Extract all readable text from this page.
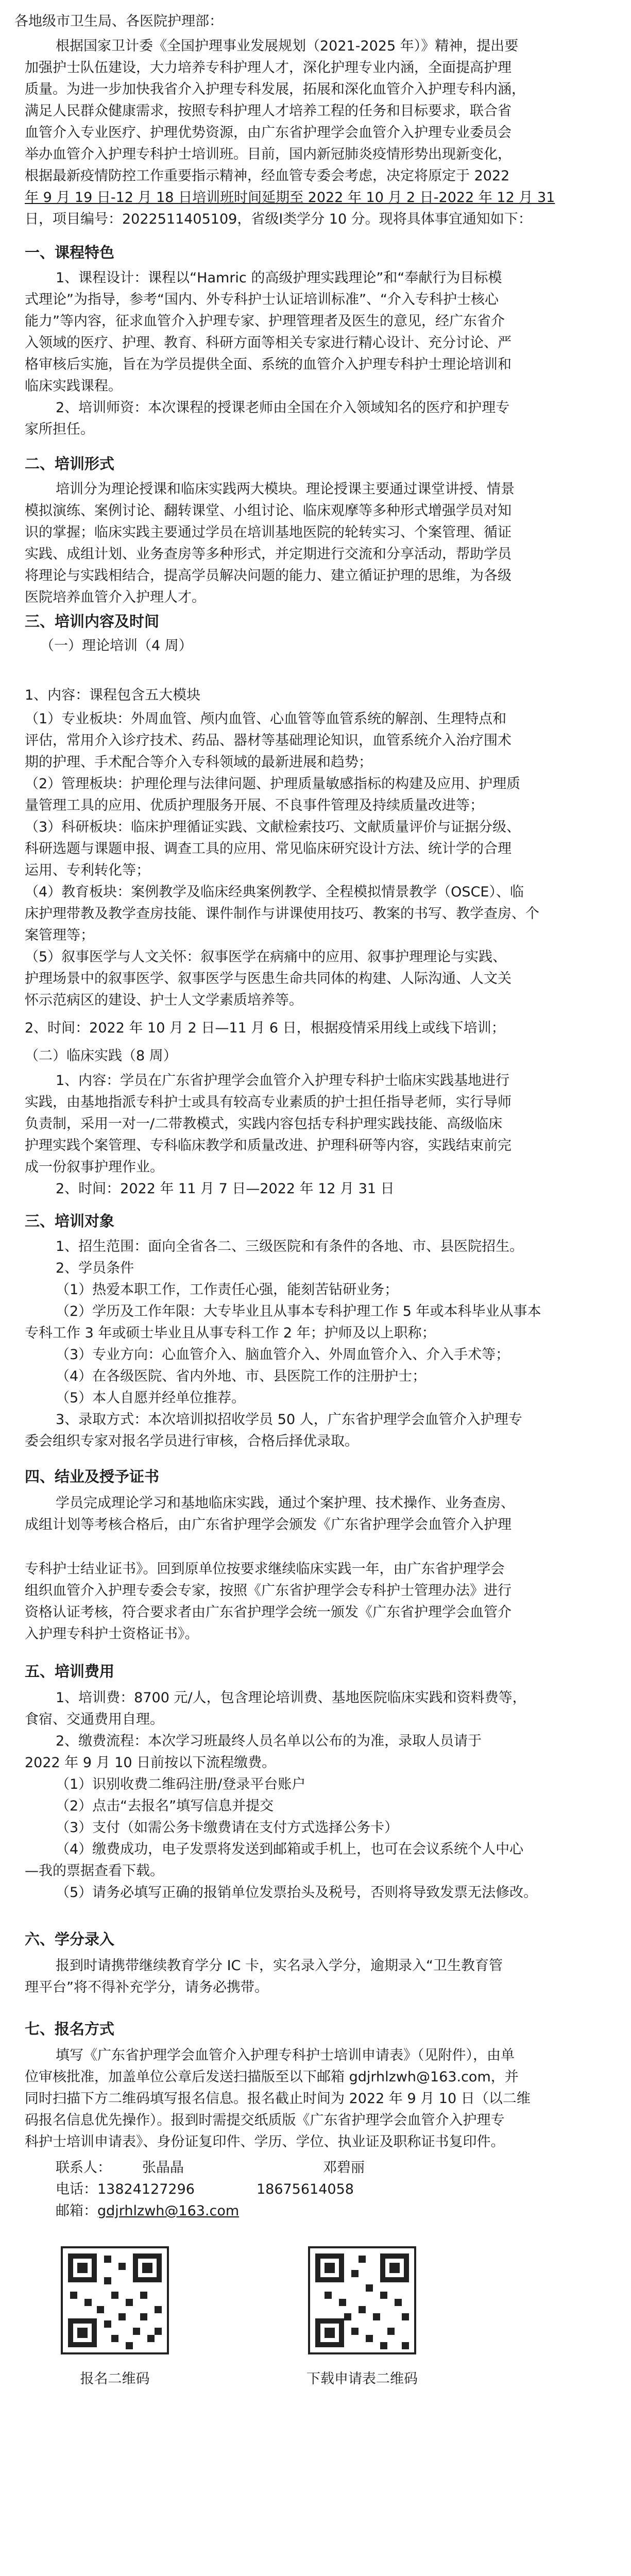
各地级市卫生局、各医院护理部：
根据国家卫计委《全国护理事业发展规划（2021-2025 年）》精神，提出要
加强护士队伍建设，大力培养专科护理人才，深化护理专业内涵，全面提高护理
质量。为进一步加快我省介入护理专科发展，拓展和深化血管介入护理专科内涵，
满足人民群众健康需求，按照专科护理人才培养工程的任务和目标要求，联合省
血管介入专业医疗、护理优势资源，由广东省护理学会血管介入护理专业委员会
举办血管介入护理专科护士培训班。目前，国内新冠肺炎疫情形势出现新变化，
根据最新疫情防控工作重要指示精神，经血管专委会考虑，决定将原定于 2022
年 9 月 19 日-12 月 18 日培训班时间延期至 2022 年 10 月 2 日-2022 年 12 月 31
日，项目编号：2022511405109，省级Ⅰ类学分 10 分。现将具体事宜通知如下：
一、课程特色
1、课程设计：课程以“Hamric 的高级护理实践理论”和“奉献行为目标模
式理论”为指导，参考“国内、外专科护士认证培训标准”、“介入专科护士核心
能力”等内容，征求血管介入护理专家、护理管理者及医生的意见，经广东省介
入领域的医疗、护理、教育、科研方面等相关专家进行精心设计、充分讨论、严
格审核后实施，旨在为学员提供全面、系统的血管介入护理专科护士理论培训和
临床实践课程。
2、培训师资：本次课程的授课老师由全国在介入领域知名的医疗和护理专
家所担任。
二、培训形式
培训分为理论授课和临床实践两大模块。理论授课主要通过课堂讲授、情景
模拟演练、案例讨论、翻转课堂、小组讨论、临床观摩等多种形式增强学员对知
识的掌握；临床实践主要通过学员在培训基地医院的轮转实习、个案管理、循证
实践、成组计划、业务查房等多种形式，并定期进行交流和分享活动，帮助学员
将理论与实践相结合，提高学员解决问题的能力、建立循证护理的思维，为各级
医院培养血管介入护理人才。
三、培训内容及时间
（一）理论培训（4 周）
1、内容：课程包含五大模块
（1）专业板块：外周血管、颅内血管、心血管等血管系统的解剖、生理特点和
评估，常用介入诊疗技术、药品、器材等基础理论知识，血管系统介入治疗围术
期的护理、手术配合等介入专科领域的最新进展和趋势；
（2）管理板块：护理伦理与法律问题、护理质量敏感指标的构建及应用、护理质
量管理工具的应用、优质护理服务开展、不良事件管理及持续质量改进等；
（3）科研板块：临床护理循证实践、文献检索技巧、文献质量评价与证据分级、
科研选题与课题申报、调查工具的应用、常见临床研究设计方法、统计学的合理
运用、专利转化等；
（4）教育板块：案例教学及临床经典案例教学、全程模拟情景教学（OSCE）、临
床护理带教及教学查房技能、课件制作与讲课使用技巧、教案的书写、教学查房、个
案管理等；
（5）叙事医学与人文关怀：叙事医学在病痛中的应用、叙事护理理论与实践、
护理场景中的叙事医学、叙事医学与医患生命共同体的构建、人际沟通、人文关
怀示范病区的建设、护士人文学素质培养等。
2、时间：2022 年 10 月 2 日—11 月 6 日，根据疫情采用线上或线下培训；
（二）临床实践（8 周）
1、内容：学员在广东省护理学会血管介入护理专科护士临床实践基地进行
实践，由基地指派专科护士或具有较高专业素质的护士担任指导老师，实行导师
负责制，采用一对一/二带教模式，实践内容包括专科护理实践技能、高级临床
护理实践个案管理、专科临床教学和质量改进、护理科研等内容，实践结束前完
成一份叙事护理作业。
2、时间：2022 年 11 月 7 日—2022 年 12 月 31 日
三、培训对象
1、招生范围：面向全省各二、三级医院和有条件的各地、市、县医院招生。
2、学员条件
（1）热爱本职工作，工作责任心强，能刻苦钻研业务；
（2）学历及工作年限：大专毕业且从事本专科护理工作 5 年或本科毕业从事本
专科工作 3 年或硕士毕业且从事专科工作 2 年；护师及以上职称；
（3）专业方向：心血管介入、脑血管介入、外周血管介入、介入手术等；
（4）在各级医院、省内外地、市、县医院工作的注册护士；
（5）本人自愿并经单位推荐。
3、录取方式：本次培训拟招收学员 50 人，广东省护理学会血管介入护理专
委会组织专家对报名学员进行审核，合格后择优录取。
四、结业及授予证书
学员完成理论学习和基地临床实践，通过个案护理、技术操作、业务查房、
成组计划等考核合格后，由广东省护理学会颁发《广东省护理学会血管介入护理
专科护士结业证书》。回到原单位按要求继续临床实践一年，由广东省护理学会
组织血管介入护理专委会专家，按照《广东省护理学会专科护士管理办法》进行
资格认证考核，符合要求者由广东省护理学会统一颁发《广东省护理学会血管介
入护理专科护士资格证书》。
五、培训费用
1、培训费：8700 元/人，包含理论培训费、基地医院临床实践和资料费等，
食宿、交通费用自理。
2、缴费流程：本次学习班最终人员名单以公布的为准，录取人员请于
2022 年 9 月 10 日前按以下流程缴费。
（1）识别收费二维码注册/登录平台账户
（2）点击“去报名”填写信息并提交
（3）支付（如需公务卡缴费请在支付方式选择公务卡）
（4）缴费成功，电子发票将发送到邮箱或手机上，也可在会议系统个人中心
—我的票据查看下载。
（5）请务必填写正确的报销单位发票抬头及税号，否则将导致发票无法修改。
六、学分录入
报到时请携带继续教育学分 IC 卡，实名录入学分，逾期录入“卫生教育管
理平台”将不得补充学分，请务必携带。
七、报名方式
填写《广东省护理学会血管介入护理专科护士培训申请表》（见附件），由单
位审核批准，加盖单位公章后发送扫描版至以下邮箱 gdjrhlzwh@163.com，并
同时扫描下方二维码填写报名信息。报名截止时间为 2022 年 9 月 10 日（以二维
码报名信息优先操作）。报到时需提交纸质版《广东省护理学会血管介入护理专
科护士培训申请表》、身份证复印件、学历、学位、执业证及职称证书复印件。
联系人： 张晶晶	邓碧丽
电话：13824127296	18675614058
邮箱：gdjrhlzwh@163.com
报名二维码	下载申请表二维码
